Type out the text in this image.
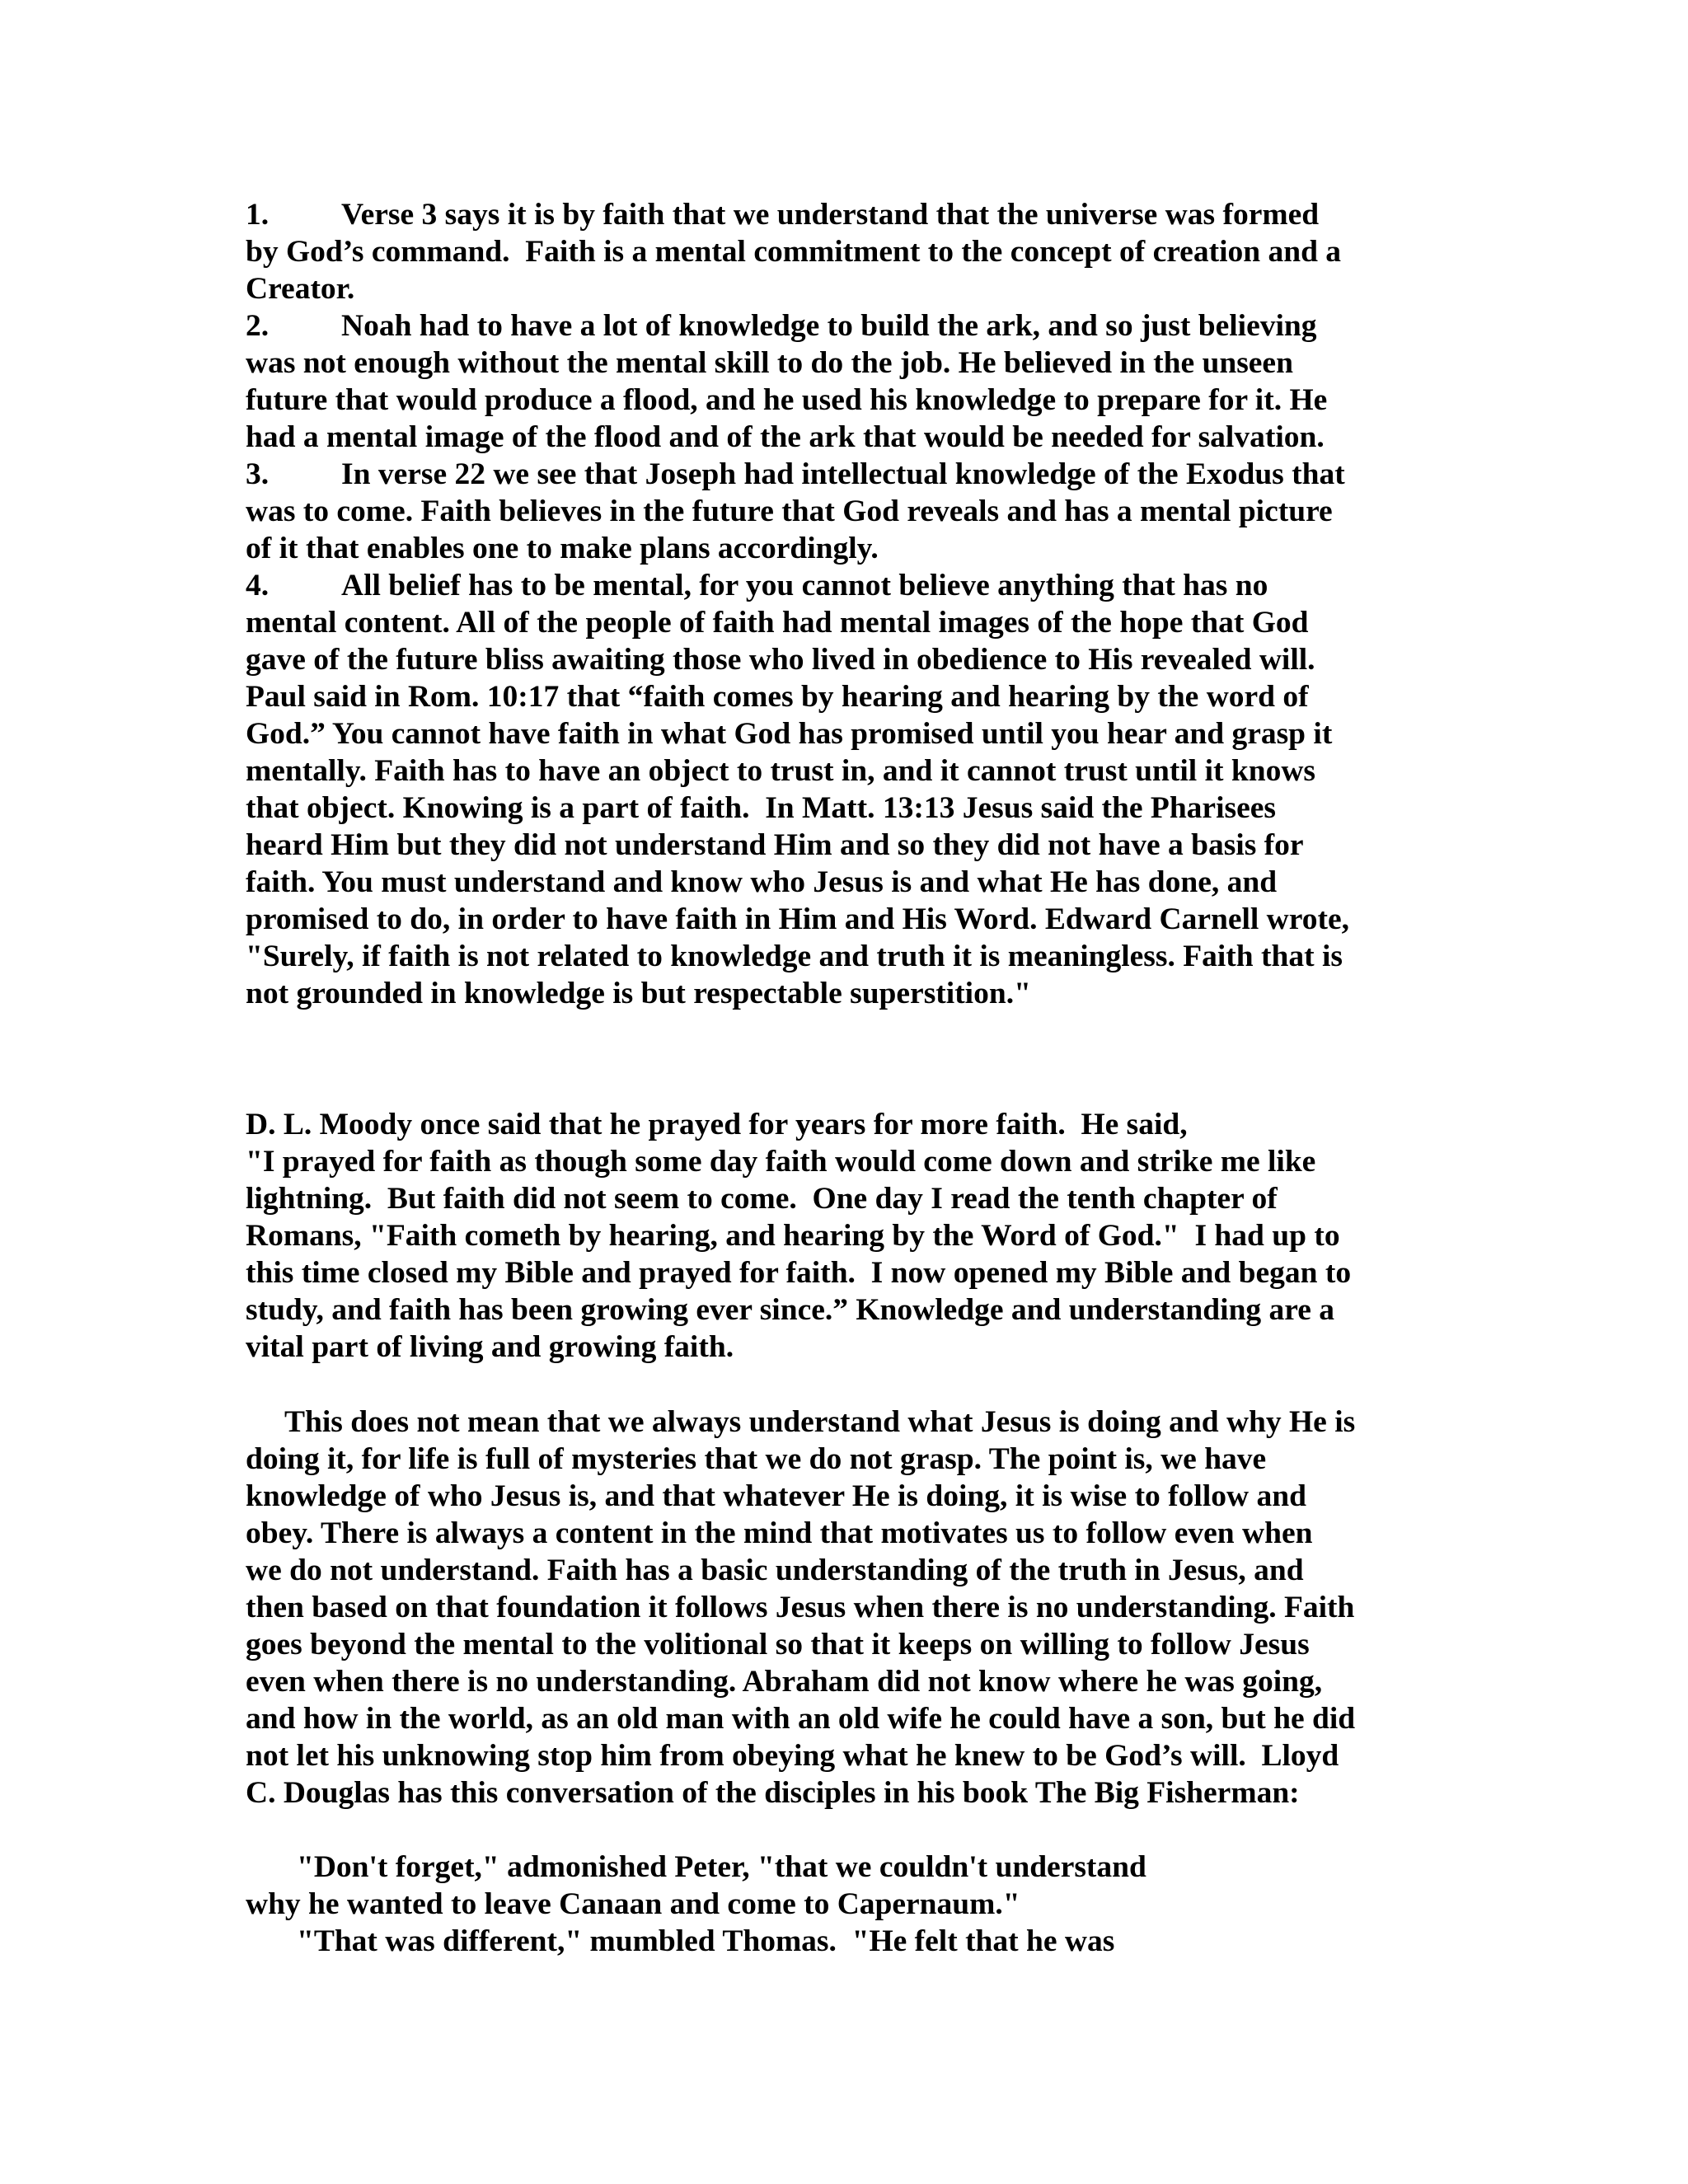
1. Verse 3 says it is by faith that we understand that the universe was formed
by God’s command.  Faith is a mental commitment to the concept of creation and a
Creator.
2. Noah had to have a lot of knowledge to build the ark, and so just believing
was not enough without the mental skill to do the job. He believed in the unseen
future that would produce a flood, and he used his knowledge to prepare for it. He
had a mental image of the flood and of the ark that would be needed for salvation.
3. In verse 22 we see that Joseph had intellectual knowledge of the Exodus that
was to come. Faith believes in the future that God reveals and has a mental picture
of it that enables one to make plans accordingly.
4. All belief has to be mental, for you cannot believe anything that has no
mental content. All of the people of faith had mental images of the hope that God
gave of the future bliss awaiting those who lived in obedience to His revealed will.
Paul said in Rom. 10:17 that “faith comes by hearing and hearing by the word of
God.” You cannot have faith in what God has promised until you hear and grasp it
mentally. Faith has to have an object to trust in, and it cannot trust until it knows
that object. Knowing is a part of faith.  In Matt. 13:13 Jesus said the Pharisees
heard Him but they did not understand Him and so they did not have a basis for
faith. You must understand and know who Jesus is and what He has done, and
promised to do, in order to have faith in Him and His Word. Edward Carnell wrote,
"Surely, if faith is not related to knowledge and truth it is meaningless. Faith that is
not grounded in knowledge is but respectable superstition."
D. L. Moody once said that he prayed for years for more faith.  He said,
"I prayed for faith as though some day faith would come down and strike me like
lightning.  But faith did not seem to come.  One day I read the tenth chapter of
Romans, "Faith cometh by hearing, and hearing by the Word of God."  I had up to
this time closed my Bible and prayed for faith.  I now opened my Bible and began to
study, and faith has been growing ever since.” Knowledge and understanding are a
vital part of living and growing faith.
This does not mean that we always understand what Jesus is doing and why He is
doing it, for life is full of mysteries that we do not grasp. The point is, we have
knowledge of who Jesus is, and that whatever He is doing, it is wise to follow and
obey. There is always a content in the mind that motivates us to follow even when
we do not understand. Faith has a basic understanding of the truth in Jesus, and
then based on that foundation it follows Jesus when there is no understanding. Faith
goes beyond the mental to the volitional so that it keeps on willing to follow Jesus
even when there is no understanding. Abraham did not know where he was going,
and how in the world, as an old man with an old wife he could have a son, but he did
not let his unknowing stop him from obeying what he knew to be God’s will.  Lloyd
C. Douglas has this conversation of the disciples in his book The Big Fisherman:
"Don't forget," admonished Peter, "that we couldn't understand
why he wanted to leave Canaan and come to Capernaum."
"That was different," mumbled Thomas.  "He felt that he was
